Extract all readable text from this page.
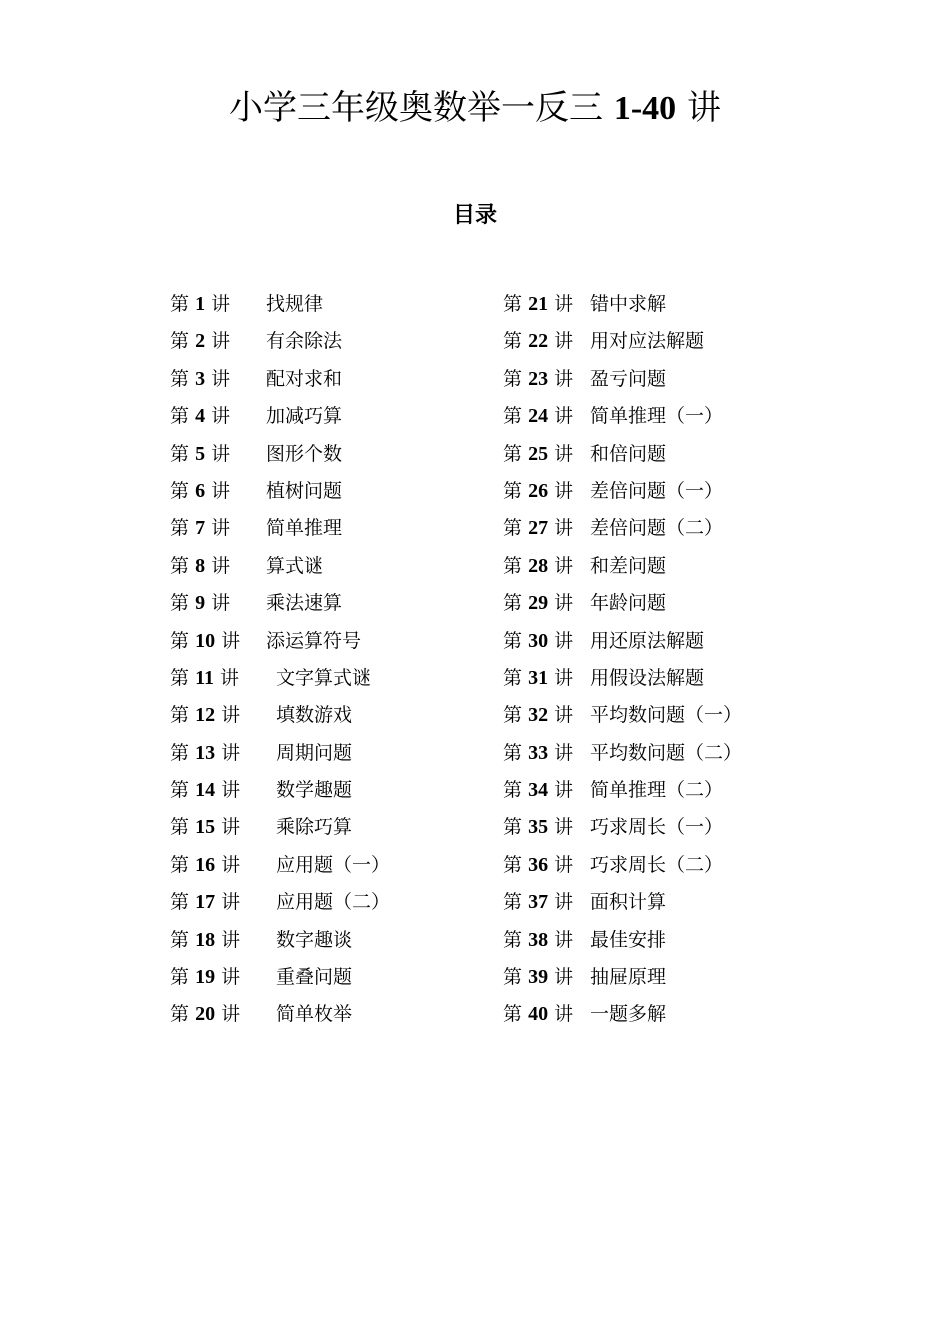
小学三年级奥数举一反三 1-40 讲
目录
第 1 讲 找规律
第 2 讲 有余除法
第 3 讲 配对求和
第 4 讲 加减巧算
第 5 讲 图形个数
第 6 讲 植树问题
第 7 讲 简单推理
第 8 讲 算式谜
第 9 讲 乘法速算
第 10 讲 添运算符号
第 11 讲 文字算式谜
第 12 讲 填数游戏
第 13 讲 周期问题
第 14 讲 数学趣题
第 15 讲 乘除巧算
第 16 讲 应用题（一）
第 17 讲 应用题（二）
第 18 讲 数字趣谈
第 19 讲 重叠问题
第 20 讲 简单枚举
第 21 讲 错中求解
第 22 讲 用对应法解题
第 23 讲 盈亏问题
第 24 讲 简单推理（一）
第 25 讲 和倍问题
第 26 讲 差倍问题（一）
第 27 讲 差倍问题（二）
第 28 讲 和差问题
第 29 讲 年龄问题
第 30 讲 用还原法解题
第 31 讲 用假设法解题
第 32 讲 平均数问题（一）
第 33 讲 平均数问题（二）
第 34 讲 简单推理（二）
第 35 讲 巧求周长（一）
第 36 讲 巧求周长（二）
第 37 讲 面积计算
第 38 讲 最佳安排
第 39 讲 抽屉原理
第 40 讲 一题多解
